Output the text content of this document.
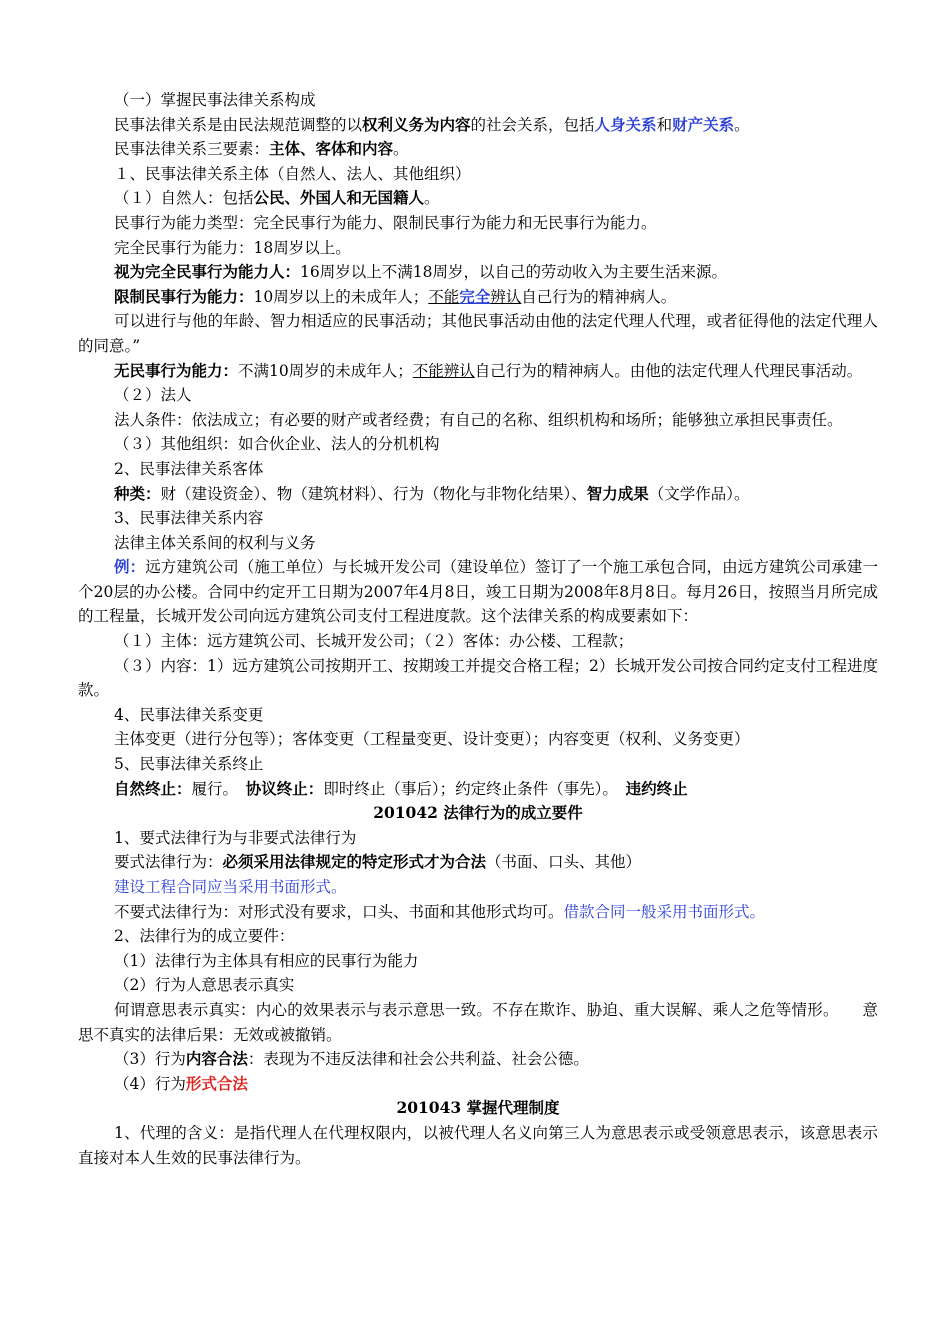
（一）掌握民事法律关系构成

民事法律关系是由民法规范调整的以权利义务为内容的社会关系，包括人身关系和财产关系。

民事法律关系三要素：主体、客体和内容。

１、民事法律关系主体（自然人、法人、其他组织）

（１）自然人：包括公民、外国人和无国籍人。

民事行为能力类型：完全民事行为能力、限制民事行为能力和无民事行为能力。

完全民事行为能力：18周岁以上。

视为完全民事行为能力人：16周岁以上不满18周岁，以自己的劳动收入为主要生活来源。

限制民事行为能力：10周岁以上的未成年人；不能完全辨认自己行为的精神病人。

可以进行与他的年龄、智力相适应的民事活动；其他民事活动由他的法定代理人代理，或者征得他的法定代理人的同意。”

无民事行为能力：不满10周岁的未成年人；不能辨认自己行为的精神病人。由他的法定代理人代理民事活动。

（２）法人

法人条件：依法成立；有必要的财产或者经费；有自己的名称、组织机构和场所；能够独立承担民事责任。

（３）其他组织：如合伙企业、法人的分机机构

2、民事法律关系客体

种类：财（建设资金）、物（建筑材料）、行为（物化与非物化结果）、智力成果（文学作品）。

3、民事法律关系内容

法律主体关系间的权利与义务

例：远方建筑公司（施工单位）与长城开发公司（建设单位）签订了一个施工承包合同，由远方建筑公司承建一个20层的办公楼。合同中约定开工日期为2007年4月8日，竣工日期为2008年8月8日。每月26日，按照当月所完成的工程量，长城开发公司向远方建筑公司支付工程进度款。这个法律关系的构成要素如下：

（１）主体：远方建筑公司、长城开发公司；（２）客体：办公楼、工程款；

（３）内容：1）远方建筑公司按期开工、按期竣工并提交合格工程；2）长城开发公司按合同约定支付工程进度款。

4、民事法律关系变更

主体变更（进行分包等）；客体变更（工程量变更、设计变更）；内容变更（权利、义务变更）

5、民事法律关系终止

自然终止：履行。　 协议终止：即时终止（事后）；约定终止条件（事先）。　 违约终止

201042 法律行为的成立要件

1、要式法律行为与非要式法律行为

要式法律行为：必须采用法律规定的特定形式才为合法（书面、口头、其他）

建设工程合同应当采用书面形式。

不要式法律行为：对形式没有要求，口头、书面和其他形式均可。借款合同一般采用书面形式。

2、法律行为的成立要件：

（1）法律行为主体具有相应的民事行为能力

（2）行为人意思表示真实

何谓意思表示真实：内心的效果表示与表示意思一致。不存在欺诈、胁迫、重大误解、乘人之危等情形。　　意思不真实的法律后果：无效或被撤销。

（3）行为内容合法：表现为不违反法律和社会公共利益、社会公德。

（4）行为形式合法

201043 掌握代理制度

1、代理的含义：是指代理人在代理权限内，以被代理人名义向第三人为意思表示或受领意思表示，该意思表示直接对本人生效的民事法律行为。
